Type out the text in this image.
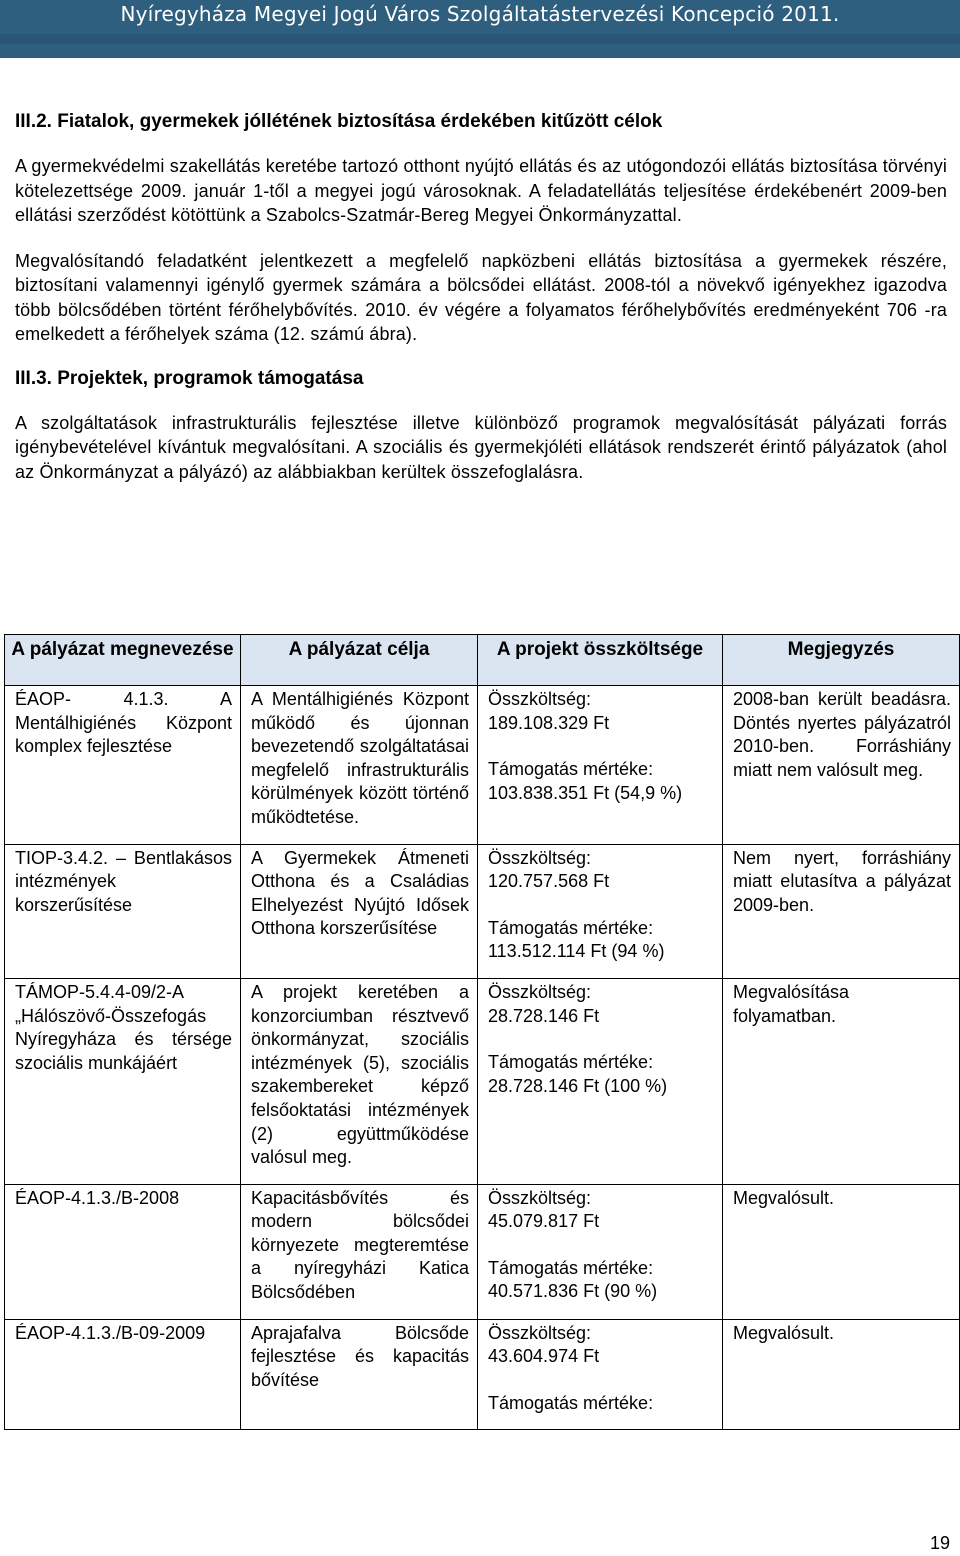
Nyíregyháza Megyei Jogú Város Szolgáltatástervezési Koncepció 2011.
III.2. Fiatalok, gyermekek jóllétének biztosítása érdekében kitűzött célok

A gyermekvédelmi szakellátás keretébe tartozó otthont nyújtó ellátás és az utógondozói ellátás biztosítása törvényi kötelezettsége 2009. január 1-től a megyei jogú városoknak. A feladatellátás teljesítése érdekébenért 2009-ben ellátási szerződést kötöttünk a Szabolcs-Szatmár-Bereg Megyei Önkormányzattal.

Megvalósítandó feladatként jelentkezett a megfelelő napközbeni ellátás biztosítása a gyermekek részére, biztosítani valamennyi igénylő gyermek számára a bölcsődei ellátást. 2008-tól a növekvő igényekhez igazodva több bölcsődében történt férőhelybővítés. 2010. év végére a folyamatos férőhelybővítés eredményeként 706 -ra emelkedett a férőhelyek száma (12. számú ábra).

III.3. Projektek, programok támogatása

A szolgáltatások infrastrukturális fejlesztése illetve különböző programok megvalósítását pályázati forrás igénybevételével kívántuk megvalósítani. A szociális és gyermekjóléti ellátások rendszerét érintő pályázatok (ahol az Önkormányzat a pályázó) az alábbiakban kerültek összefoglalásra.

A pályázat megnevezése	A pályázat célja	A projekt összköltsége	Megjegyzés
ÉAOP- 4.1.3. A Mentálhigiénés Központ komplex fejlesztése	A Mentálhigiénés Központ működő és újonnan bevezetendő szolgáltatásai megfelelő infrastrukturális körülmények között történő működtetése.	Összköltség:
189.108.329 Ft
Támogatás mértéke:
103.838.351 Ft (54,9 %)	2008-ban került beadásra. Döntés nyertes pályázatról 2010-ben. Forráshiány miatt nem valósult meg.
TIOP-3.4.2. – Bentlakásos intézmények korszerűsítése	A Gyermekek Átmeneti Otthona és a Családias Elhelyezést Nyújtó Idősek Otthona korszerűsítése	Összköltség:
120.757.568 Ft
Támogatás mértéke:
113.512.114 Ft (94 %)	Nem nyert, forráshiány miatt elutasítva a pályázat 2009-ben.
TÁMOP-5.4.4-09/2-A „Hálószövő-Összefogás Nyíregyháza és térsége szociális munkájáért	A projekt keretében a konzorciumban résztvevő önkormányzat, szociális intézmények (5), szociális szakembereket képző felsőoktatási intézmények (2) együttműködése valósul meg.	Összköltség:
28.728.146 Ft
Támogatás mértéke:
28.728.146 Ft (100 %)	Megvalósítása folyamatban.
ÉAOP-4.1.3./B-2008	Kapacitásbővítés és modern bölcsődei környezete megteremtése a nyíregyházi Katica Bölcsődében	Összköltség:
45.079.817 Ft
Támogatás mértéke:
40.571.836 Ft (90 %)	Megvalósult.
ÉAOP-4.1.3./B-09-2009	Aprajafalva Bölcsőde fejlesztése és kapacitás bővítése	Összköltség:
43.604.974 Ft
Támogatás mértéke:	Megvalósult.
19
